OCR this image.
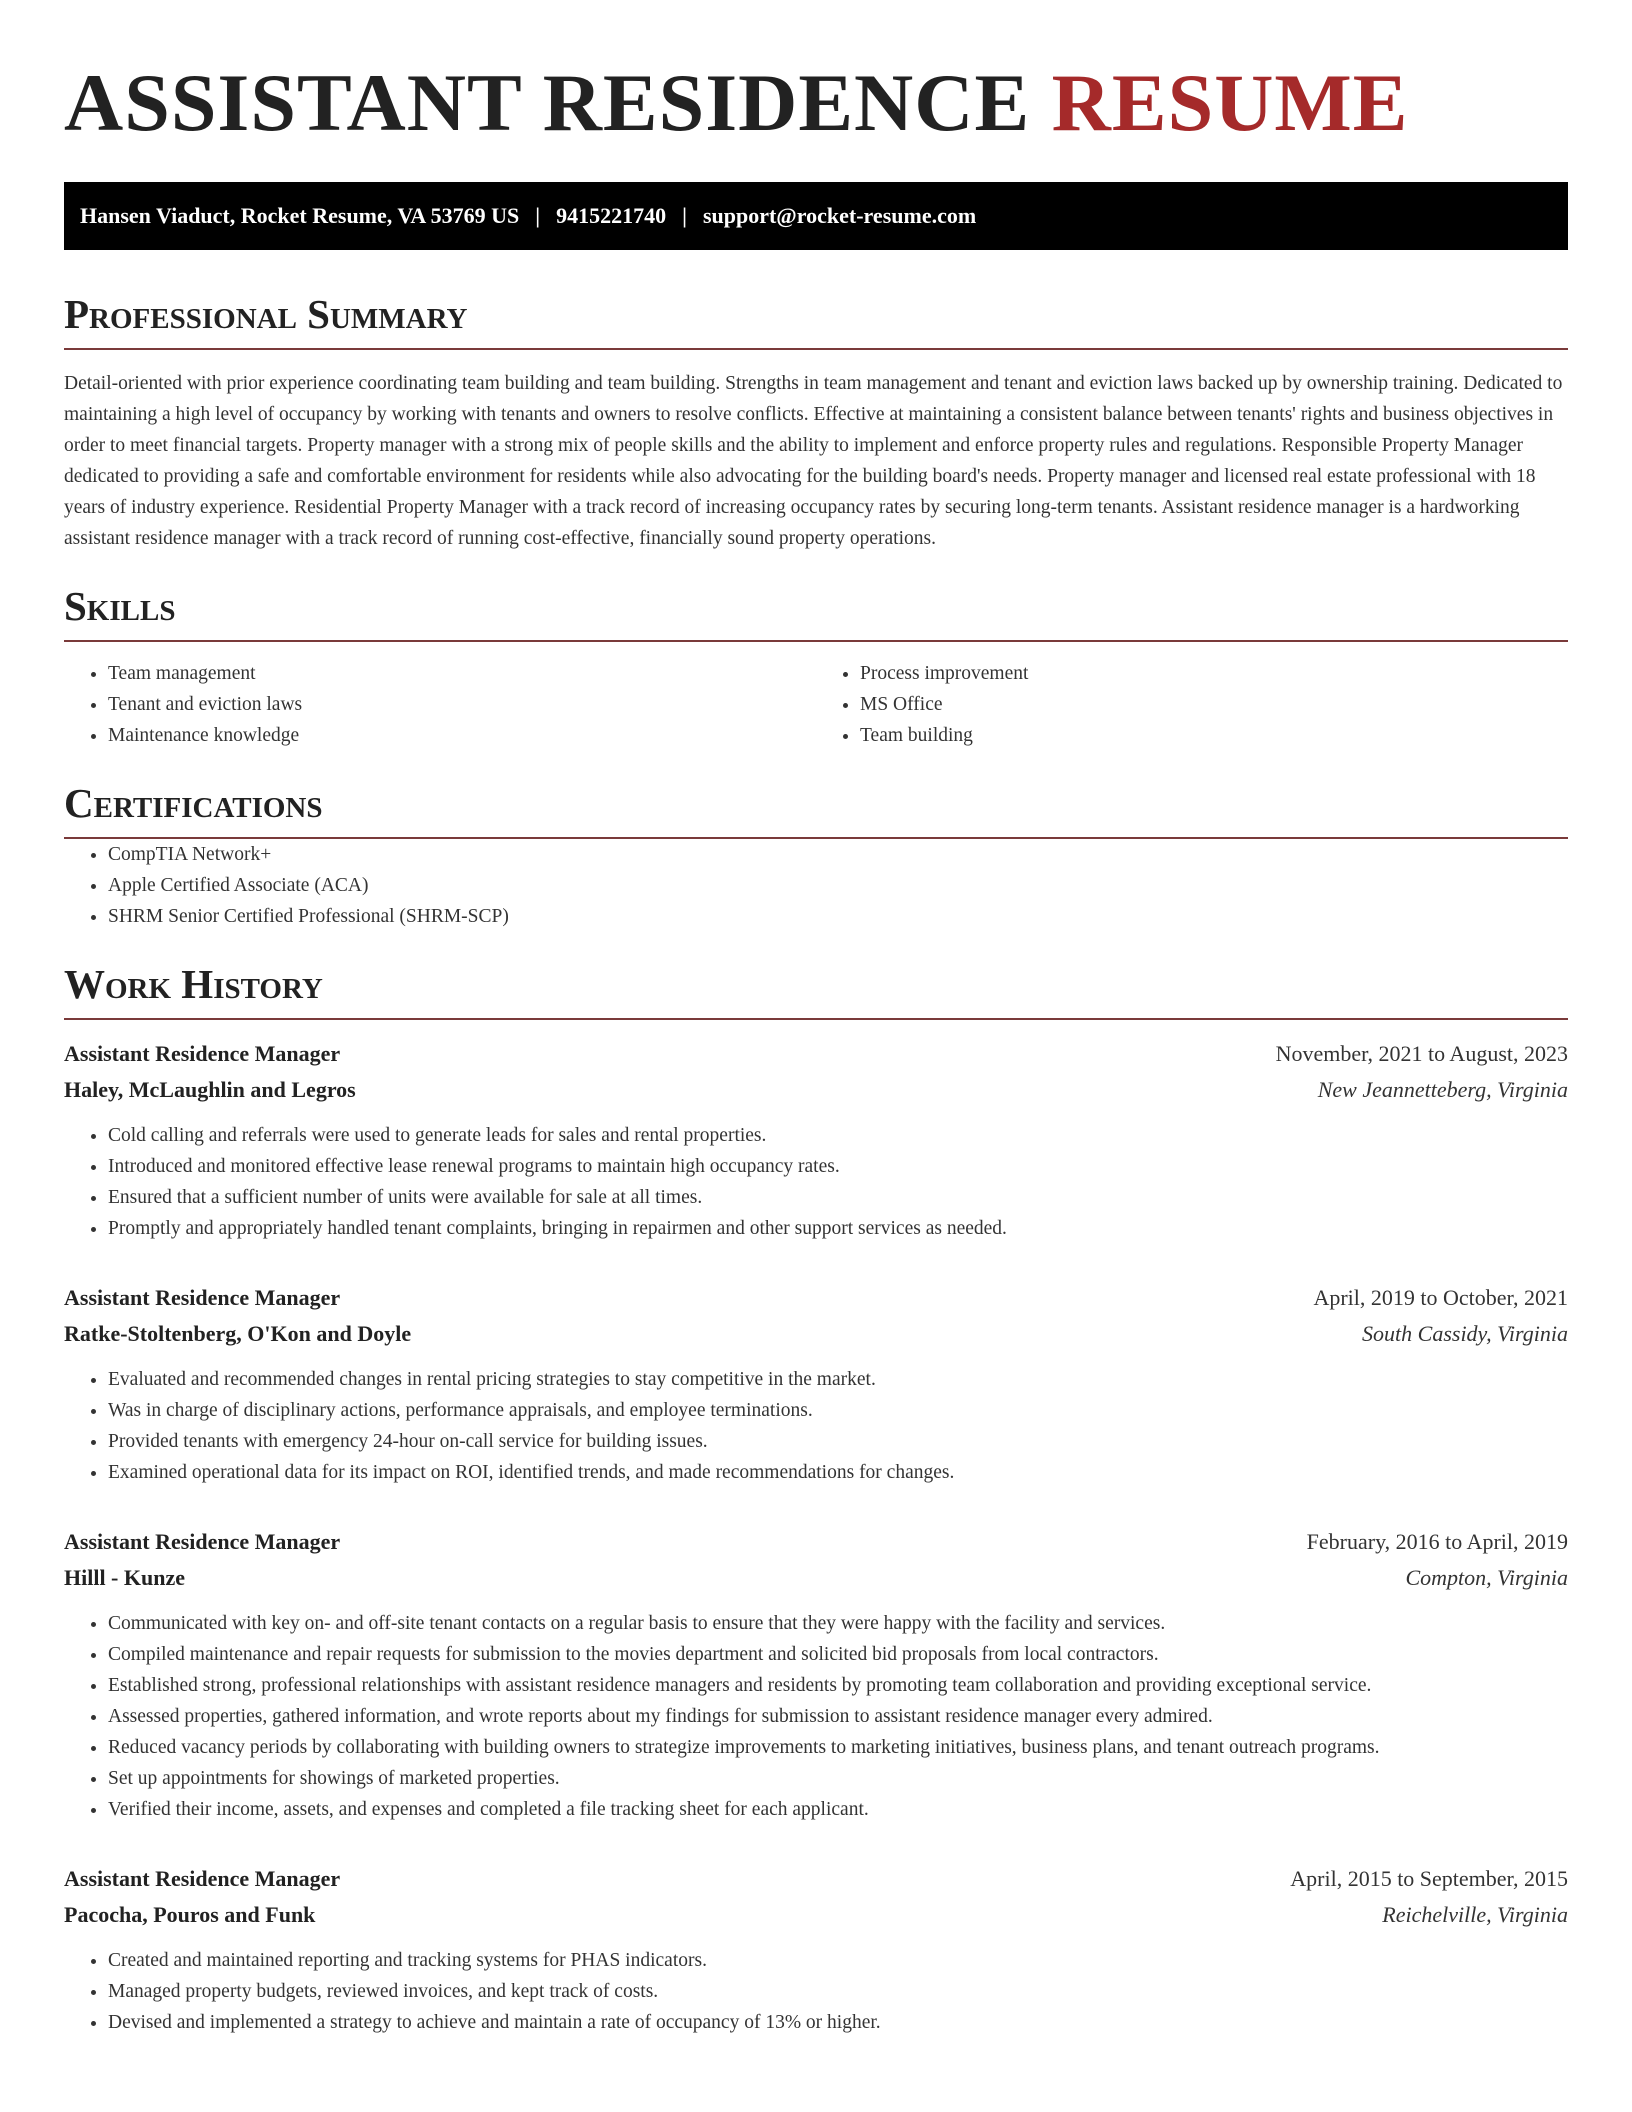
ASSISTANT RESIDENCE RESUME
Hansen Viaduct, Rocket Resume, VA 53769 US | 9415221740 | support@rocket-resume.com
Professional Summary

Detail-oriented with prior experience coordinating team building and team building. Strengths in team management and tenant and eviction laws backed up by ownership training. Dedicated to maintaining a high level of occupancy by working with tenants and owners to resolve conflicts. Effective at maintaining a consistent balance between tenants' rights and business objectives in order to meet financial targets. Property manager with a strong mix of people skills and the ability to implement and enforce property rules and regulations. Responsible Property Manager dedicated to providing a safe and comfortable environment for residents while also advocating for the building board's needs. Property manager and licensed real estate professional with 18 years of industry experience. Residential Property Manager with a track record of increasing occupancy rates by securing long-term tenants. Assistant residence manager is a hardworking assistant residence manager with a track record of running cost-effective, financially sound property operations.

Skills
• Team management
• Tenant and eviction laws
• Maintenance knowledge
• Process improvement
• MS Office
• Team building
Certifications
• CompTIA Network+
• Apple Certified Associate (ACA)
• SHRM Senior Certified Professional (SHRM-SCP)
Work History
Assistant Residence Manager	November, 2021 to August, 2023
Haley, McLaughlin and Legros	New Jeannetteberg, Virginia
• Cold calling and referrals were used to generate leads for sales and rental properties.
• Introduced and monitored effective lease renewal programs to maintain high occupancy rates.
• Ensured that a sufficient number of units were available for sale at all times.
• Promptly and appropriately handled tenant complaints, bringing in repairmen and other support services as needed.
Assistant Residence Manager	April, 2019 to October, 2021
Ratke-Stoltenberg, O'Kon and Doyle	South Cassidy, Virginia
• Evaluated and recommended changes in rental pricing strategies to stay competitive in the market.
• Was in charge of disciplinary actions, performance appraisals, and employee terminations.
• Provided tenants with emergency 24-hour on-call service for building issues.
• Examined operational data for its impact on ROI, identified trends, and made recommendations for changes.
Assistant Residence Manager	February, 2016 to April, 2019
Hilll - Kunze	Compton, Virginia
• Communicated with key on- and off-site tenant contacts on a regular basis to ensure that they were happy with the facility and services.
• Compiled maintenance and repair requests for submission to the movies department and solicited bid proposals from local contractors.
• Established strong, professional relationships with assistant residence managers and residents by promoting team collaboration and providing exceptional service.
• Assessed properties, gathered information, and wrote reports about my findings for submission to assistant residence manager every admired.
• Reduced vacancy periods by collaborating with building owners to strategize improvements to marketing initiatives, business plans, and tenant outreach programs.
• Set up appointments for showings of marketed properties.
• Verified their income, assets, and expenses and completed a file tracking sheet for each applicant.
Assistant Residence Manager	April, 2015 to September, 2015
Pacocha, Pouros and Funk	Reichelville, Virginia
• Created and maintained reporting and tracking systems for PHAS indicators.
• Managed property budgets, reviewed invoices, and kept track of costs.
• Devised and implemented a strategy to achieve and maintain a rate of occupancy of 13% or higher.
